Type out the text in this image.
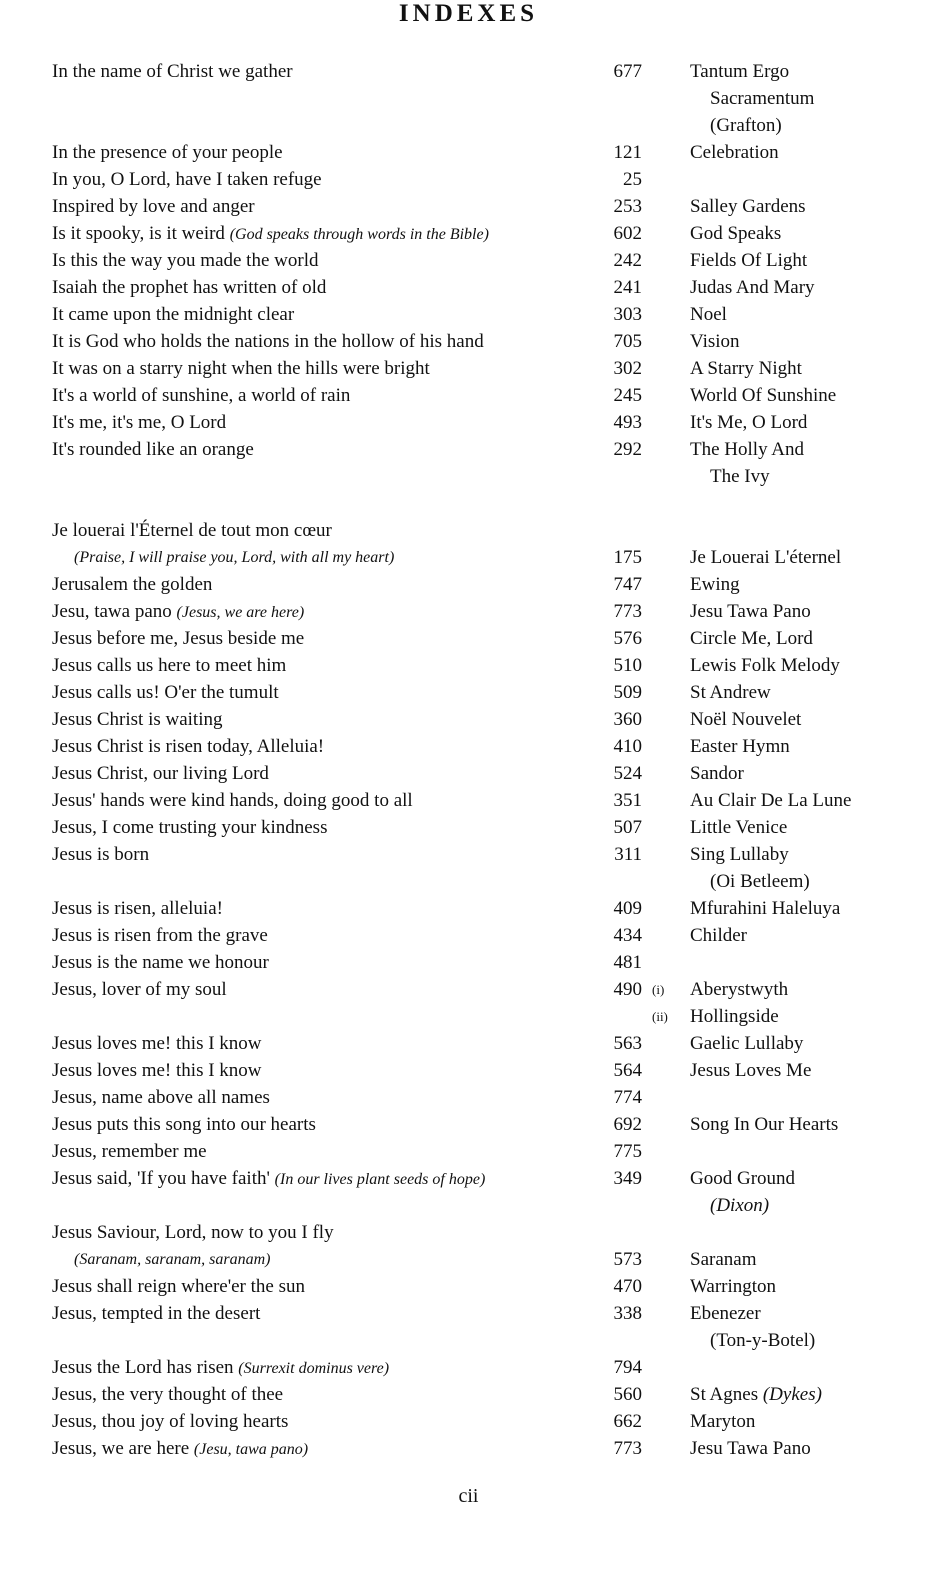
INDEXES
In the name of Christ we gather	677	Tantum Ergo
Sacramentum
(Grafton)
In the presence of your people	121	Celebration
In you, O Lord, have I taken refuge	25
Inspired by love and anger	253	Salley Gardens
Is it spooky, is it weird (God speaks through words in the Bible)	602	God Speaks
Is this the way you made the world	242	Fields Of Light
Isaiah the prophet has written of old	241	Judas And Mary
It came upon the midnight clear	303	Noel
It is God who holds the nations in the hollow of his hand	705	Vision
It was on a starry night when the hills were bright	302	A Starry Night
It's a world of sunshine, a world of rain	245	World Of Sunshine
It's me, it's me, O Lord	493	It's Me, O Lord
It's rounded like an orange	292	The Holly And
The Ivy
Je louerai l'Éternel de tout mon cœur
(Praise, I will praise you, Lord, with all my heart)	175	Je Louerai L'éternel
Jerusalem the golden	747	Ewing
Jesu, tawa pano (Jesus, we are here)	773	Jesu Tawa Pano
Jesus before me, Jesus beside me	576	Circle Me, Lord
Jesus calls us here to meet him	510	Lewis Folk Melody
Jesus calls us! O'er the tumult	509	St Andrew
Jesus Christ is waiting	360	Noël Nouvelet
Jesus Christ is risen today, Alleluia!	410	Easter Hymn
Jesus Christ, our living Lord	524	Sandor
Jesus' hands were kind hands, doing good to all	351	Au Clair De La Lune
Jesus, I come trusting your kindness	507	Little Venice
Jesus is born	311	Sing Lullaby
(Oi Betleem)
Jesus is risen, alleluia!	409	Mfurahini Haleluya
Jesus is risen from the grave	434	Childer
Jesus is the name we honour	481
Jesus, lover of my soul	490 (i)	Aberystwyth
(ii)	Hollingside
Jesus loves me! this I know	563	Gaelic Lullaby
Jesus loves me! this I know	564	Jesus Loves Me
Jesus, name above all names	774
Jesus puts this song into our hearts	692	Song In Our Hearts
Jesus, remember me	775
Jesus said, 'If you have faith' (In our lives plant seeds of hope)	349	Good Ground
(Dixon)
Jesus Saviour, Lord, now to you I fly
(Saranam, saranam, saranam)	573	Saranam
Jesus shall reign where'er the sun	470	Warrington
Jesus, tempted in the desert	338	Ebenezer
(Ton-y-Botel)
Jesus the Lord has risen (Surrexit dominus vere)	794
Jesus, the very thought of thee	560	St Agnes (Dykes)
Jesus, thou joy of loving hearts	662	Maryton
Jesus, we are here (Jesu, tawa pano)	773	Jesu Tawa Pano
cii
